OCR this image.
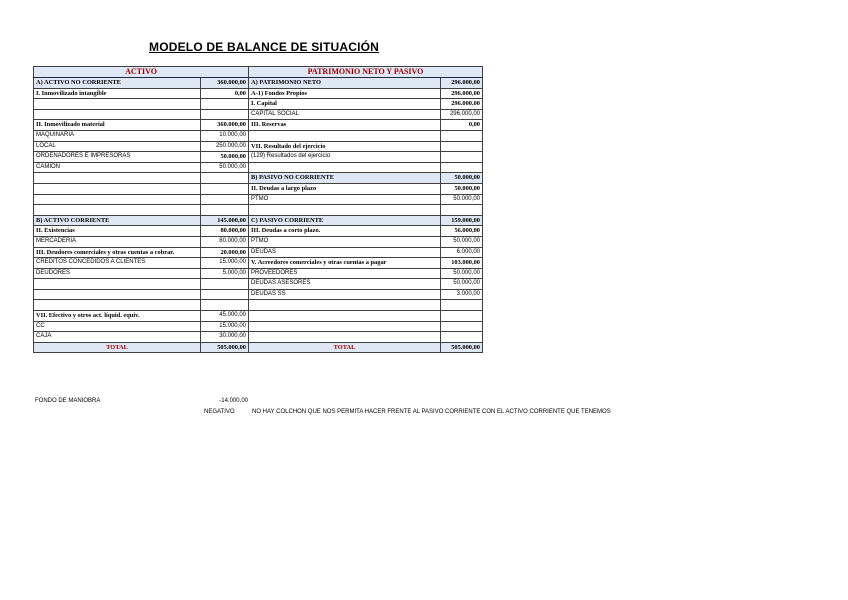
MODELO DE BALANCE DE SITUACIÓN
ACTIVO		PATRIMONIO NETO Y PASIVO	
A) ACTIVO NO CORRIENTE	360.000,00	A) PATRIMONIO NETO	296.000,00
I. Inmovilizado intangible	0,00	A-1) Fondos Propios	296.000,00
		I. Capital	296.000,00
		CAPITAL SOCIAL	296.000,00
II. Inmovilizado material	360.000,00	III. Reservas	0,00
MAQUINARIA	10.000,00		
LOCAL	250.000,00	VII. Resultado del ejercicio	
ORDENADORES E IMPRESORAS	50.000,00	(129) Resultados del ejercicio	
CAMION	50.000,00		
		B) PASIVO NO CORRIENTE	50.000,00
		II. Deudas a largo plazo	50.000,00
		PTMO	50.000,00

B) ACTIVO CORRIENTE	145.000,00	C) PASIVO CORRIENTE	159.000,00
II. Existencias	80.000,00	III. Deudas a corto plazo.	56.000,00
MERCADERIA	80.000,00	PTMO	50.000,00
III. Deudores comerciales y otras cuentas a cobrar.	20.000,00	DEUDAS	6.000,00
CREDITOS CONCEDIDOS A CLIENTES	15.000,00	V. Acreedores comerciales y otras cuentas a pagar	103.000,00
DEUDORES	5.000,00	PROVEEDORES	50.000,00
		DEUDAS ASESORES	50.000,00
		DEUDAS SS	3.000,00

VII. Efectivo y otros act. líquid. equiv.	45.000,00		
CC	15.000,00		
CAJA	30.000,00		
TOTAL	505.000,00	TOTAL	505.000,00
FONDO DE MANIOBRA	-14.000,00
NEGATIVO	NO HAY COLCHON QUE NOS PERMITA HACER FRENTE AL PASIVO CORRIENTE CON EL ACTIVO CORRIENTE QUE TENEMOS
